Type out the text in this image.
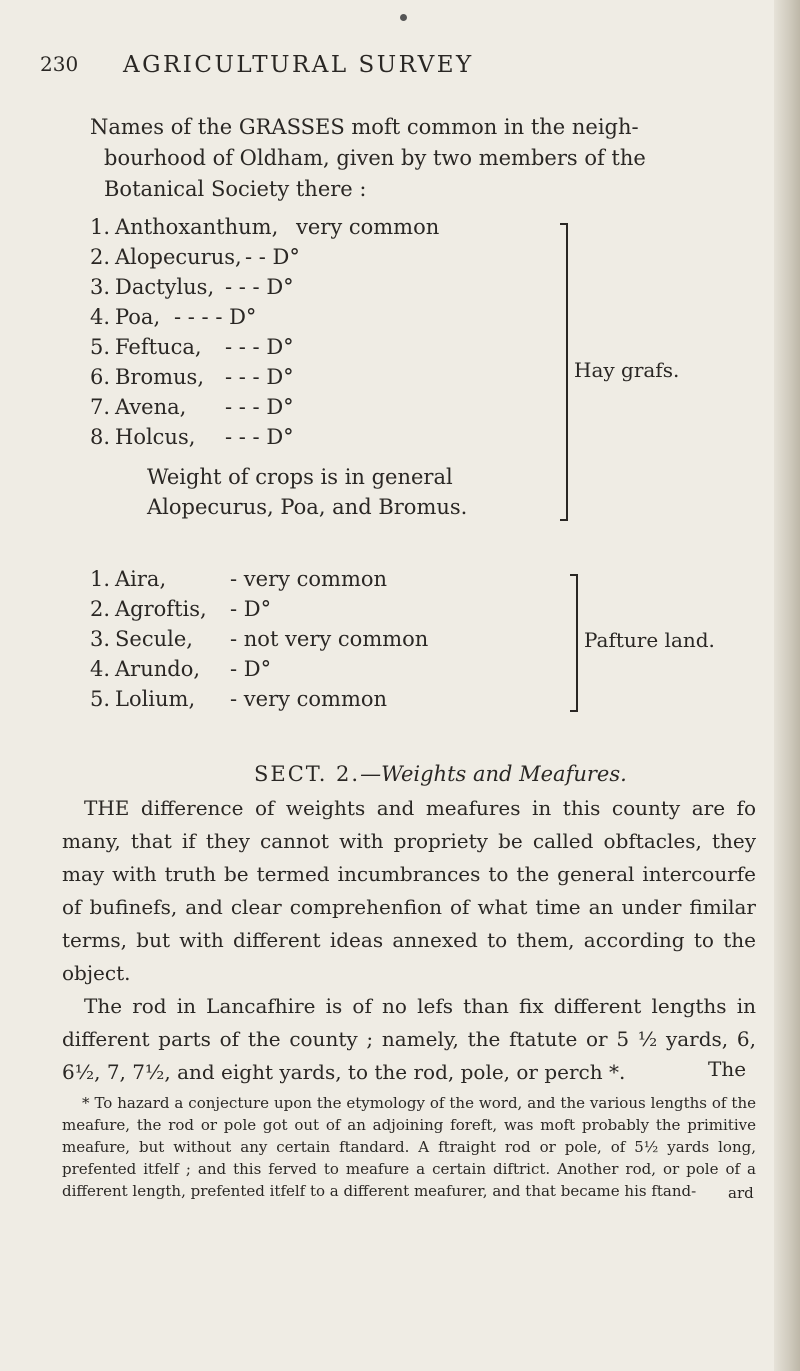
230 AGRICULTURAL SURVEY

Names of the GRASSES moft common in the neigh-
bourhood of Oldham, given by two members of the
Botanical Society there :

1. Anthoxanthum, very common
2. Alopecurus, - - D°
3. Dactylus, - - - D°
4. Poa, - - - - D°
5. Feftuca, - - - D°
6. Bromus, - - - D°
7. Avena, - - - D°
8. Holcus, - - - D°
Weight of crops is in general
Alopecurus, Poa, and Bromus.
Hay grafs.
1. Aira,	- very common
2. Agroftis, - D°
3. Secule, - not very common
4. Arundo, - D°
5. Lolium, - very common
Pafture land.
SECT. 2.—Weights and Meafures.

THE difference of weights and meafures in this county are fo many, that if they cannot with propriety be called obftacles, they may with truth be termed incumbrances to the general intercourfe of bufinefs, and clear comprehenfion of what time an under fimilar terms, but with different ideas annexed to them, according to the object.

The rod in Lancafhire is of no lefs than fix different lengths in different parts of the county ; namely, the ftatute or 5 ½ yards, 6, 6½, 7, 7½, and eight yards, to the rod, pole, or perch *.	The

* To hazard a conjecture upon the etymology of the word, and the various lengths of the meafure, the rod or pole got out of an adjoining foreft, was moft probably the primitive meafure, but without any certain ftandard. A ftraight rod or pole, of 5½ yards long, prefented itfelf ; and this ferved to meafure a certain diftrict. Another rod, or pole of a different length, prefented itfelf to a different meafurer, and that became his ftand-	ard
